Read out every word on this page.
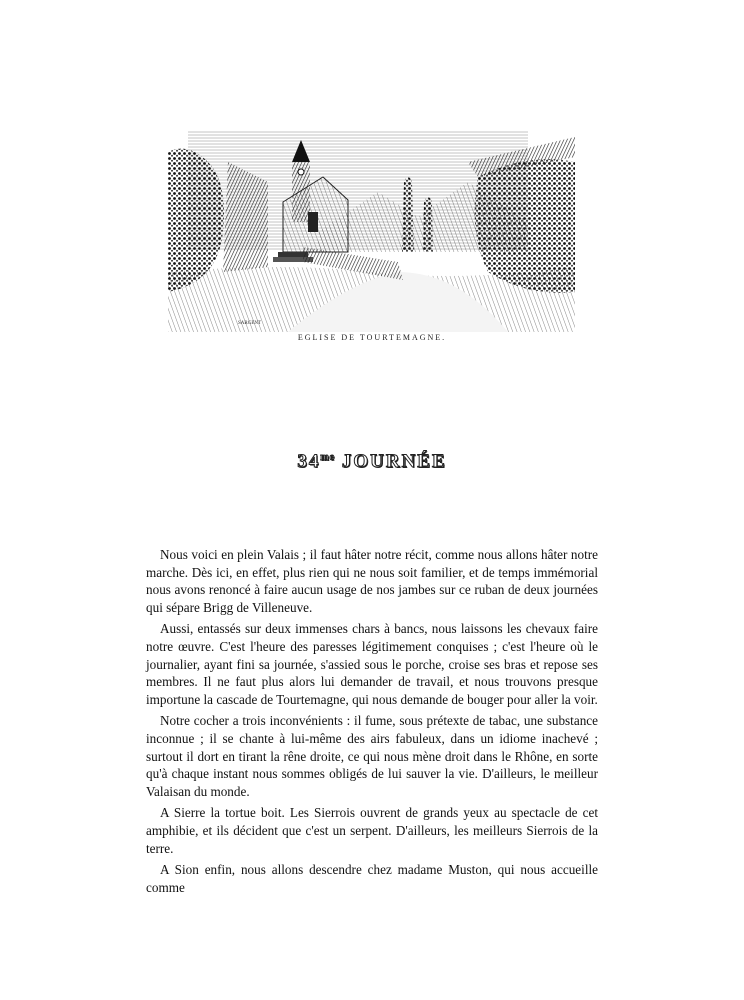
SARGENT
EGLISE DE TOURTEMAGNE.
$34^{me}$ JOURNÉE

Nous voici en plein Valais ; il faut hâter notre récit, comme nous allons hâter notre marche. Dès ici, en effet, plus rien qui ne nous soit familier, et de temps immémorial nous avons renoncé à faire aucun usage de nos jambes sur ce ruban de deux journées qui sépare Brigg de Villeneuve.

Aussi, entassés sur deux immenses chars à bancs, nous laissons les chevaux faire notre œuvre. C'est l'heure des paresses légitimement conquises ; c'est l'heure où le journalier, ayant fini sa journée, s'assied sous le porche, croise ses bras et repose ses membres. Il ne faut plus alors lui demander de travail, et nous trouvons presque importune la cascade de Tourtemagne, qui nous demande de bouger pour aller la voir.

Notre cocher a trois inconvénients : il fume, sous prétexte de tabac, une substance inconnue ; il se chante à lui-même des airs fabuleux, dans un idiome inachevé ; surtout il dort en tirant la rêne droite, ce qui nous mène droit dans le Rhône, en sorte qu'à chaque instant nous sommes obligés de lui sauver la vie. D'ailleurs, le meilleur Valaisan du monde.

A Sierre la tortue boit. Les Sierrois ouvrent de grands yeux au spectacle de cet amphibie, et ils décident que c'est un serpent. D'ailleurs, les meilleurs Sierrois de la terre.

A Sion enfin, nous allons descendre chez madame Muston, qui nous accueille comme
